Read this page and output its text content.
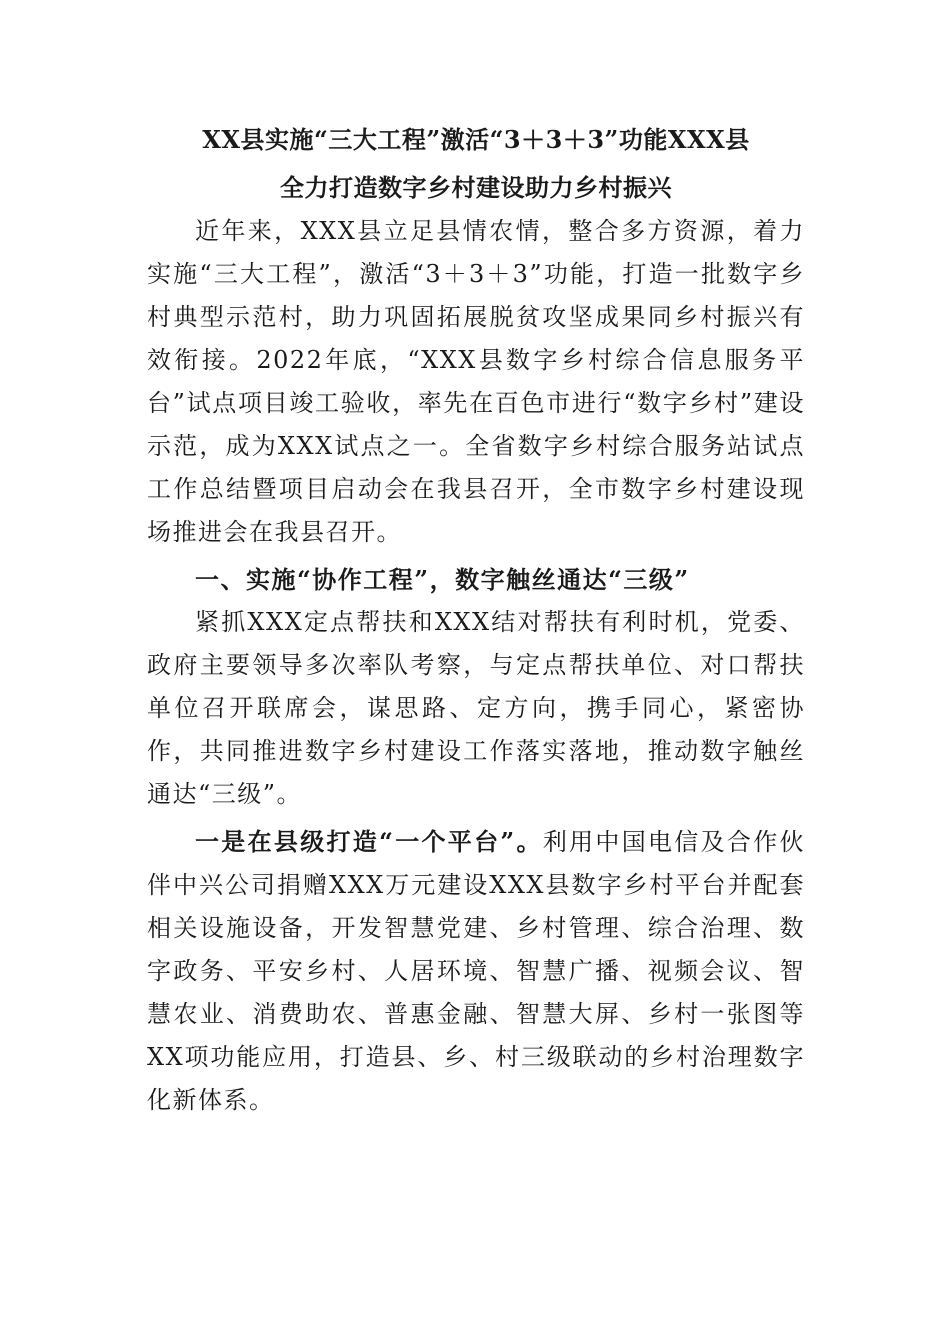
XX县实施“三大工程”激活“3＋3＋3”功能XXX县
全力打造数字乡村建设助力乡村振兴

近年来，XXX县立足县情农情，整合多方资源，着力实施“三大工程”，激活“3＋3＋3”功能，打造一批数字乡村典型示范村，助力巩固拓展脱贫攻坚成果同乡村振兴有效衔接。2022年底，“XXX县数字乡村综合信息服务平台”试点项目竣工验收，率先在百色市进行“数字乡村”建设示范，成为XXX试点之一。全省数字乡村综合服务站试点工作总结暨项目启动会在我县召开，全市数字乡村建设现场推进会在我县召开。

一、实施“协作工程”，数字触丝通达“三级”

紧抓XXX定点帮扶和XXX结对帮扶有利时机，党委、政府主要领导多次率队考察，与定点帮扶单位、对口帮扶单位召开联席会，谋思路、定方向，携手同心，紧密协作，共同推进数字乡村建设工作落实落地，推动数字触丝通达“三级”。

一是在县级打造“一个平台”。利用中国电信及合作伙伴中兴公司捐赠XXX万元建设XXX县数字乡村平台并配套相关设施设备，开发智慧党建、乡村管理、综合治理、数字政务、平安乡村、人居环境、智慧广播、视频会议、智慧农业、消费助农、普惠金融、智慧大屏、乡村一张图等XX项功能应用，打造县、乡、村三级联动的乡村治理数字化新体系。
